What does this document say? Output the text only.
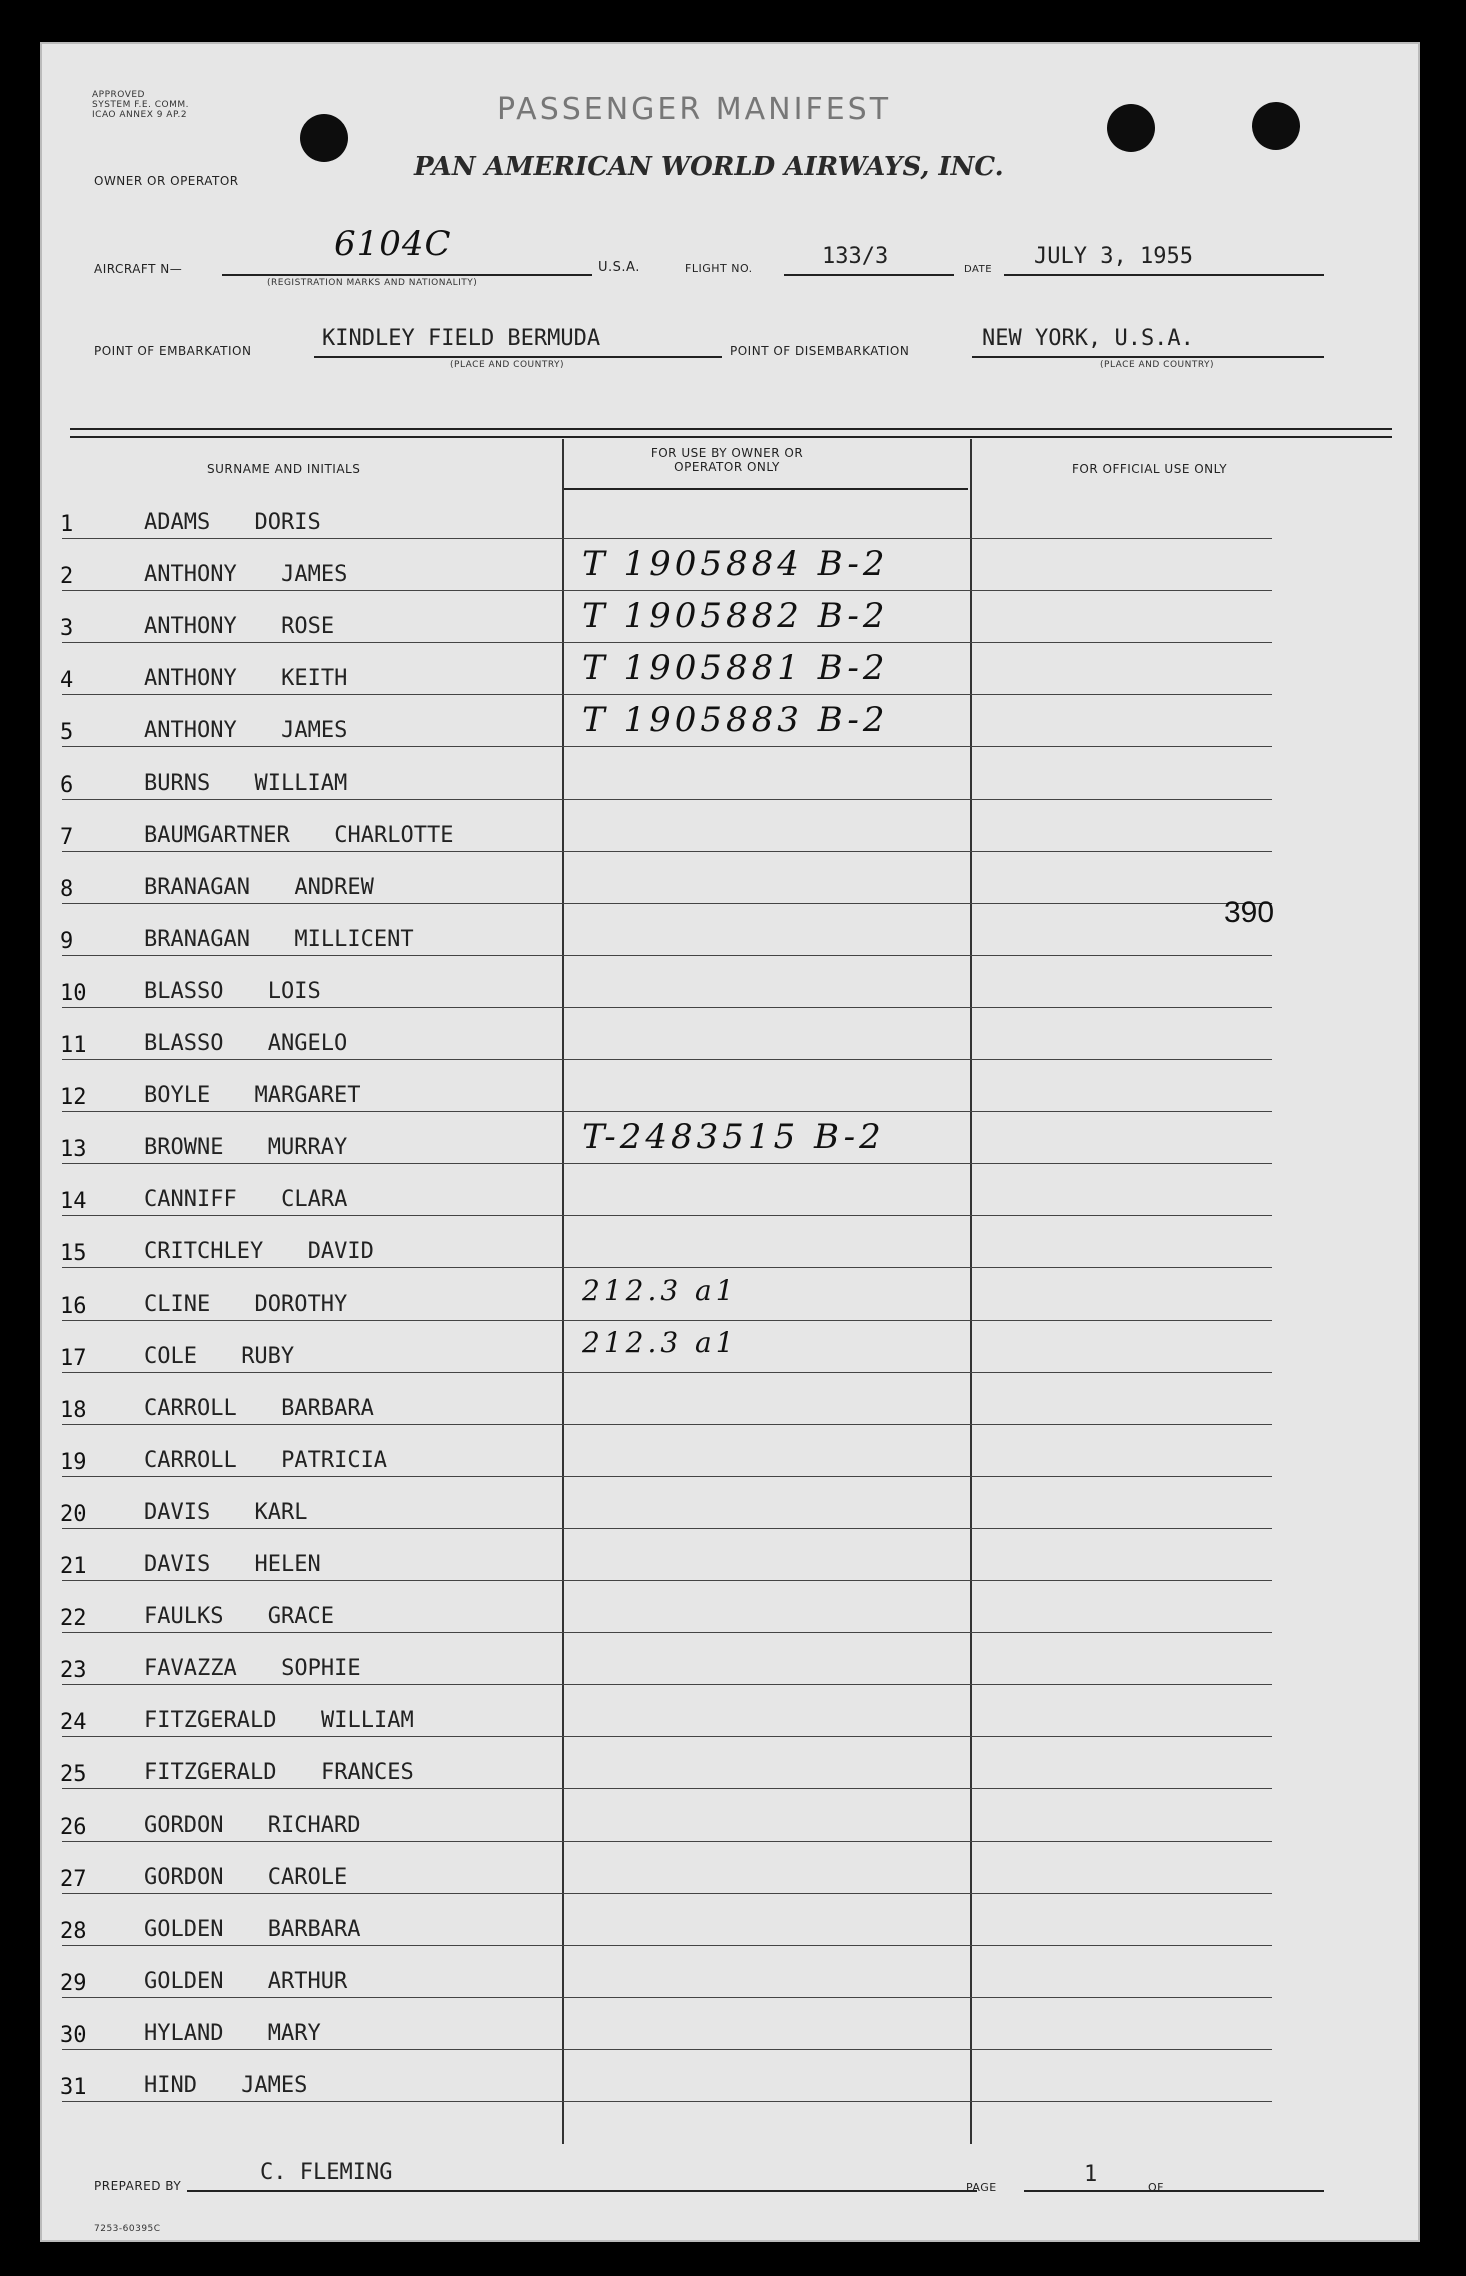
APPROVED
SYSTEM F.E. COMM.
ICAO ANNEX 9 AP.2	PASSENGER MANIFEST
OWNER OR OPERATOR	PAN AMERICAN WORLD AIRWAYS, INC.
AIRCRAFT N—
6104C
(REGISTRATION MARKS AND NATIONALITY)
U.S.A.	FLIGHT NO.	133/3
DATE
JULY 3, 1955
POINT OF EMBARKATION	KINDLEY FIELD BERMUDA
(PLACE AND COUNTRY)
POINT OF DISEMBARKATION	NEW YORK, U.S.A.
(PLACE AND COUNTRY)
SURNAME AND INITIALS
FOR USE BY OWNER OR OPERATOR ONLY	FOR OFFICIAL USE ONLY
1	ADAMS DORIS
2	ANTHONY JAMES	T 1905884 B-2
3	ANTHONY ROSE	T 1905882 B-2
4	ANTHONY KEITH	T 1905881 B-2
5	ANTHONY JAMES	T 1905883 B-2
6	BURNS WILLIAM
7	BAUMGARTNER CHARLOTTE
8	BRANAGAN ANDREW
9	BRANAGAN MILLICENT
10	BLASSO LOIS
11	BLASSO ANGELO
12	BOYLE MARGARET
13	BROWNE MURRAY	T-2483515 B-2
14	CANNIFF CLARA
15	CRITCHLEY DAVID
16	CLINE DOROTHY	212.3 a1
17	COLE RUBY	212.3 a1
18	CARROLL BARBARA
19	CARROLL PATRICIA
20	DAVIS KARL
21	DAVIS HELEN
22	FAULKS GRACE
23	FAVAZZA SOPHIE
24	FITZGERALD WILLIAM
25	FITZGERALD FRANCES
26	GORDON RICHARD
27	GORDON CAROLE
28	GOLDEN BARBARA
29	GOLDEN ARTHUR
30	HYLAND MARY
31	HIND JAMES
390
PREPARED BY
C. FLEMING
PAGE
1
OF
7253-60395C
